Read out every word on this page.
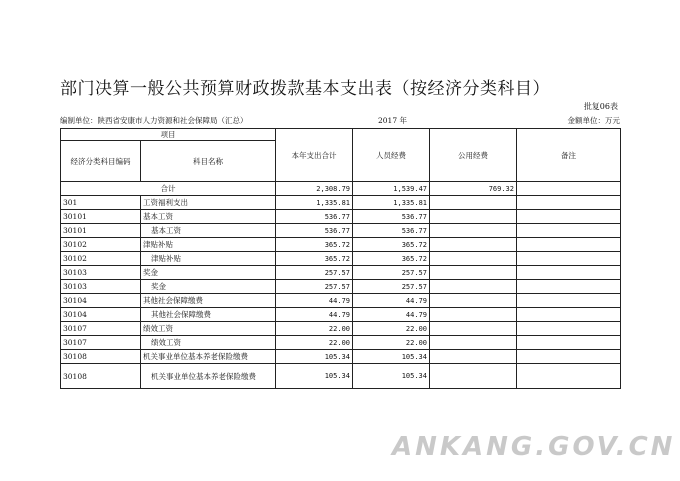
部门决算一般公共预算财政拨款基本支出表（按经济分类科目）
批复06表
编制单位：陕西省安康市人力资源和社会保障局（汇总）	2017 年	金额单位：万元
项目		本年支出合计	人员经费	公用经费	备注
经济分类科目编码	科目名称				
合计		2,308.79	1,539.47	769.32	
301	工资福利支出	1,335.81	1,335.81		
30101	基本工资	536.77	536.77		
30101	基本工资	536.77	536.77		
30102	津贴补贴	365.72	365.72		
30102	津贴补贴	365.72	365.72		
30103	奖金	257.57	257.57		
30103	奖金	257.57	257.57		
30104	其他社会保障缴费	44.79	44.79		
30104	其他社会保障缴费	44.79	44.79		
30107	绩效工资	22.00	22.00		
30107	绩效工资	22.00	22.00		
30108	机关事业单位基本养老保险缴费	105.34	105.34		
30108	机关事业单位基本养老保险缴费	105.34	105.34		
ANKANG.GOV.CN
